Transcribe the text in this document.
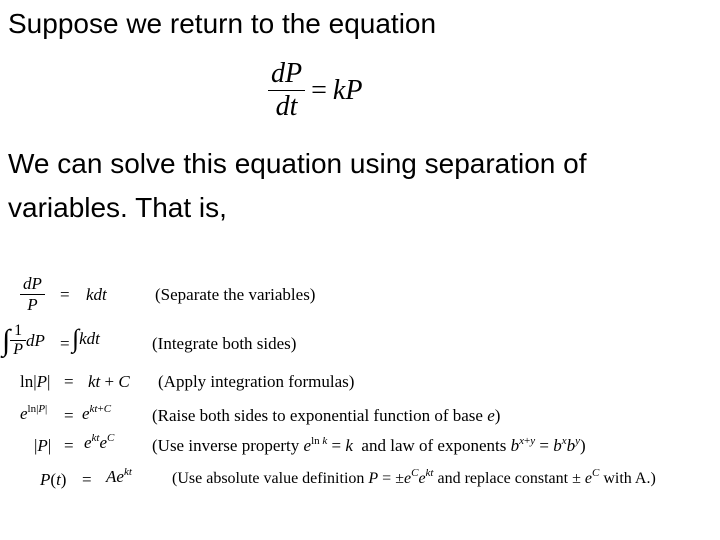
Suppose we return to the equation
$\frac{dP}{dt}$ = kP
We can solve this equation using separation of
variables. That is,
$\frac{dP}{P}$ = kdt	(Separate the variables)
∫ $\frac{1}{P}$ dP = ∫ kdt	(Integrate both sides)
ln|P| = kt + C (Apply integration formulas)
$e^{ln|P|} = e^{kt+C}$ (Raise both sides to exponential function of base e)
$|P| = e^{kt}e^C$ (Use inverse property $e^{ln k} = k$ and law of exponents $b^{x+y} = b^xb^y$)
$P(t) = Ae^{kt}$	(Use absolute value definition $P = \pm e^Ce^{kt}$ and replace constant ± $e^C$ with A.)
